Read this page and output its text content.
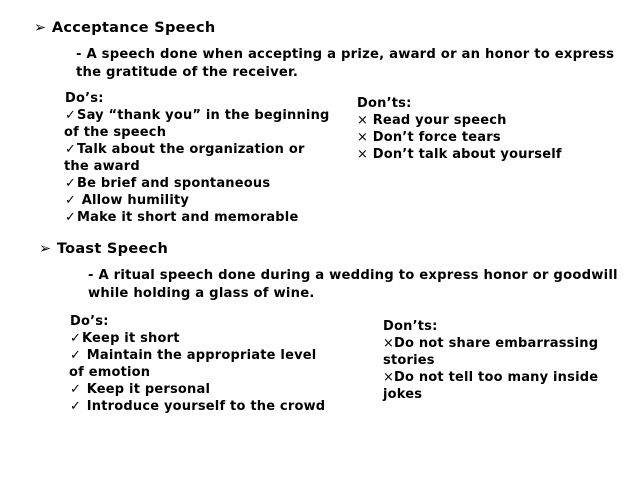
➢ Acceptance Speech
- A speech done when accepting a prize, award or an honor to express
the gratitude of the receiver.
Do’s:
✓Say “thank you” in the beginning
of the speech
✓Talk about the organization or
the award
✓Be brief and spontaneous
✓ Allow humility
✓Make it short and memorable
Don’ts:
× Read your speech
× Don’t force tears
× Don’t talk about yourself
➢ Toast Speech
- A ritual speech done during a wedding to express honor or goodwill
while holding a glass of wine.
Do’s:
✓Keep it short
✓ Maintain the appropriate level
of emotion
✓ Keep it personal
✓ Introduce yourself to the crowd
Don’ts:
×Do not share embarrassing
stories
×Do not tell too many inside
jokes
